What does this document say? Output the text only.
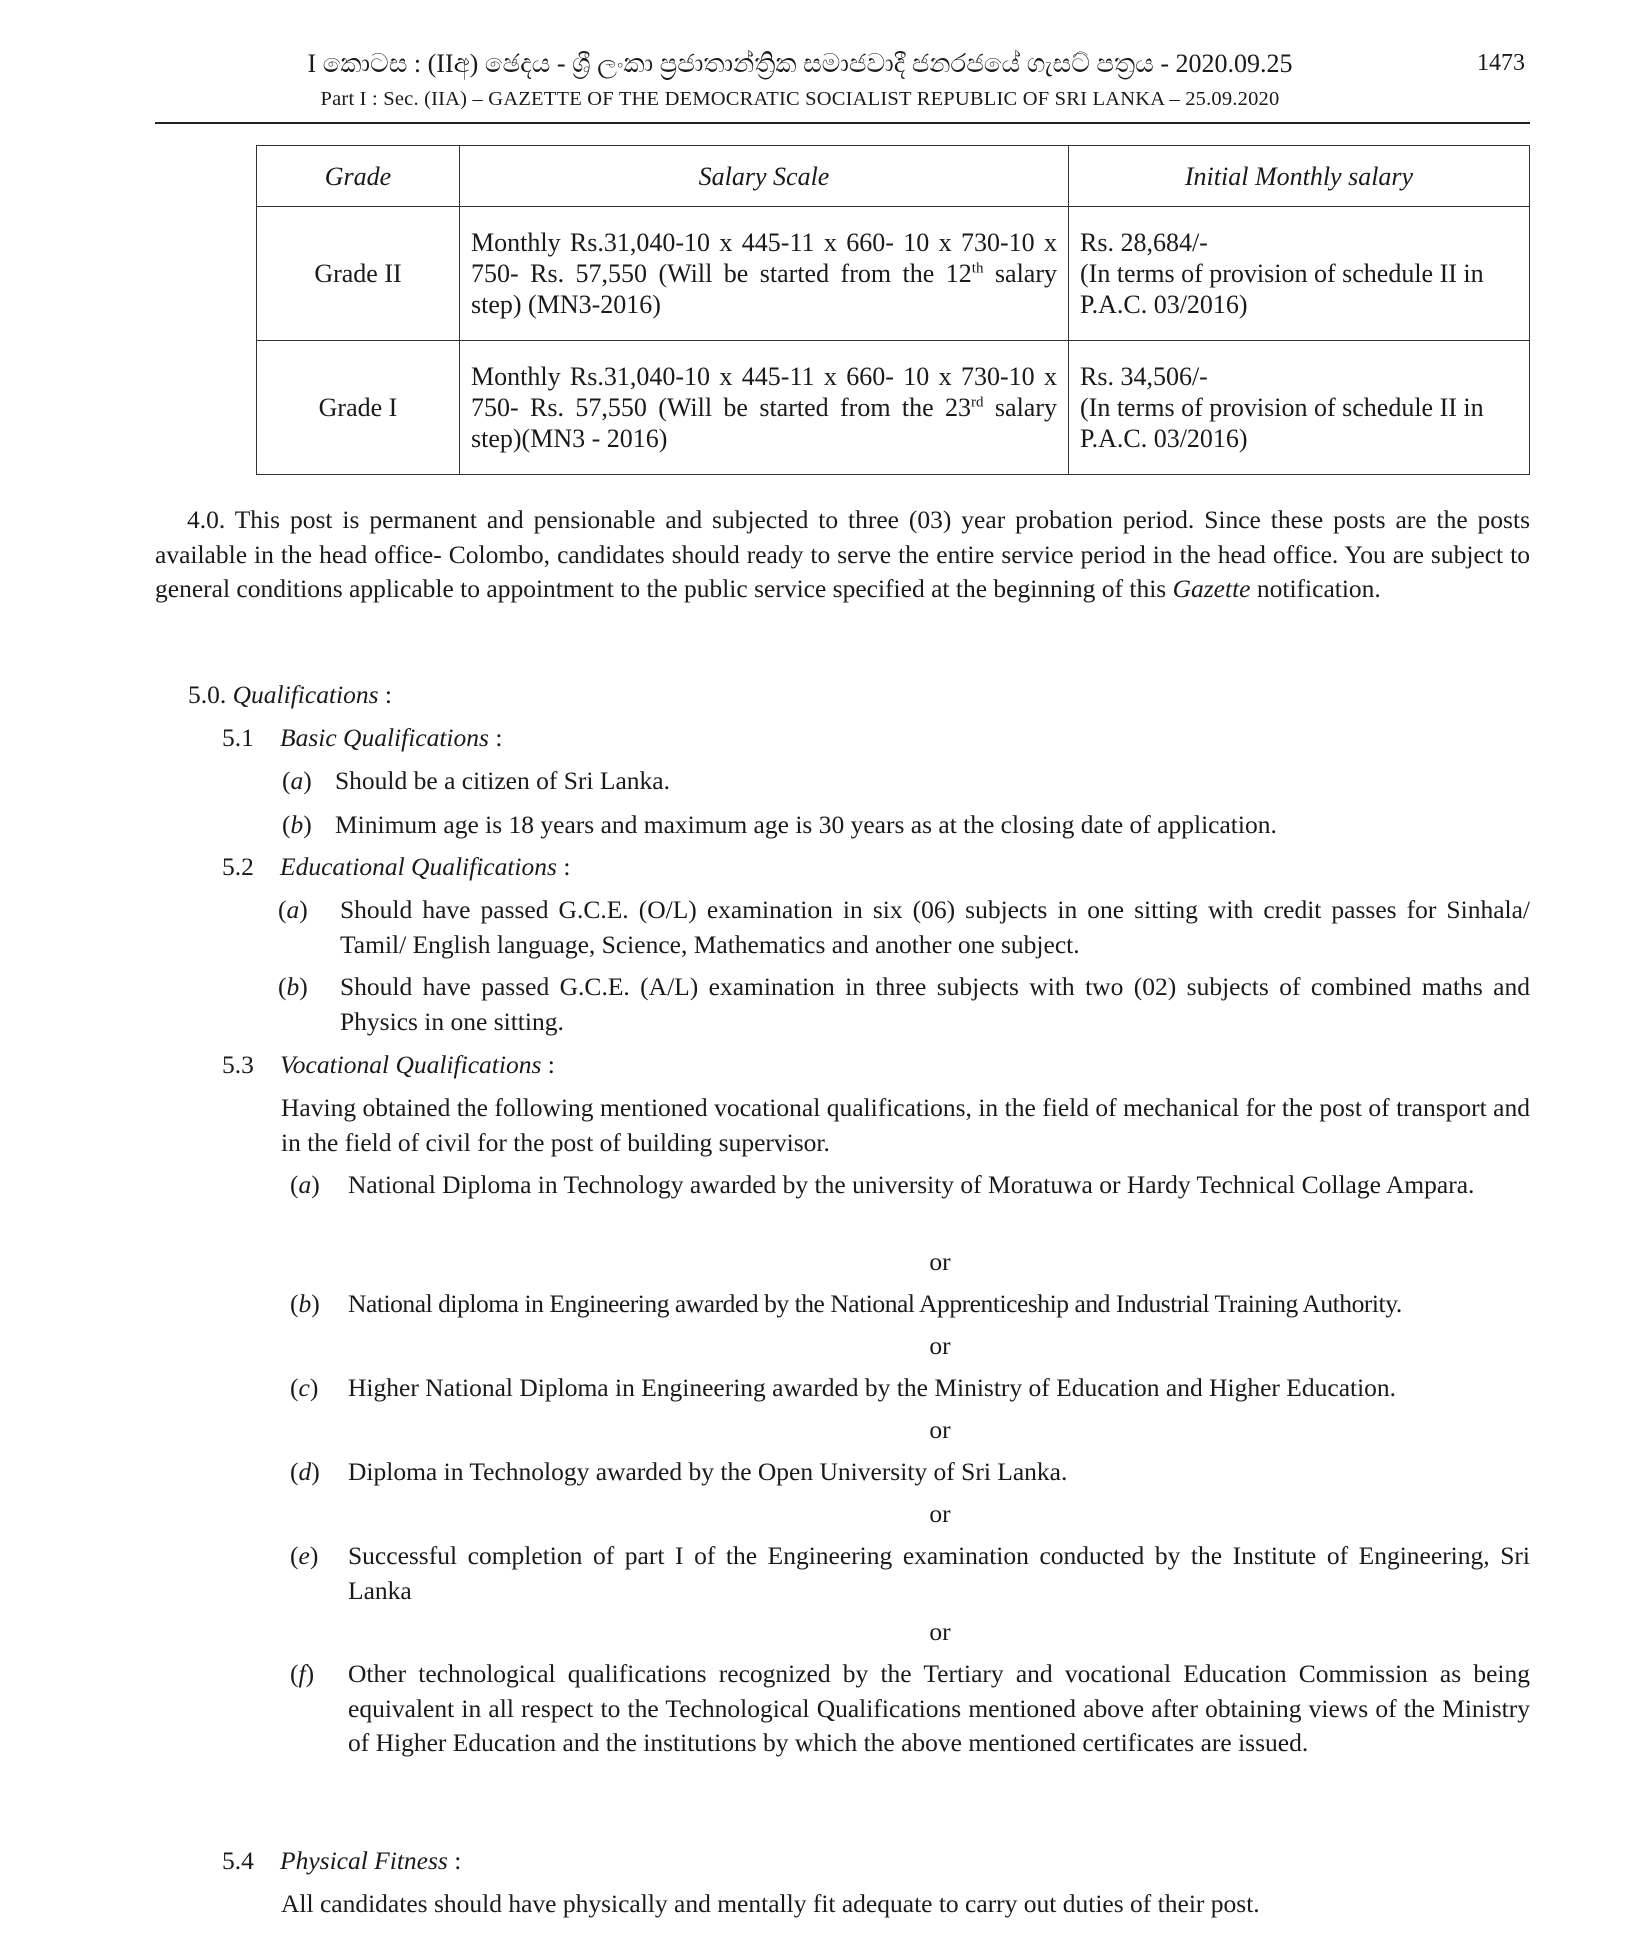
I කොටස : (IIඅ) ඡෙදය - ශ්‍රී ලංකා ප්‍රජාතාන්ත්‍රික සමාජවාදී ජනරජයේ ගැසට් පත්‍රය - 2020.09.25
Part I : Sec. (IIA) – GAZETTE OF THE DEMOCRATIC SOCIALIST REPUBLIC OF SRI LANKA – 25.09.2020
1473
Grade	Salary Scale	Initial Monthly salary
Grade II	Monthly Rs.31,040-10 x 445-11 x 660- 10 x 730-10 x 750- Rs. 57,550 (Will be started from the 12th salary step) (MN3-2016)	Rs. 28,684/-
(In terms of provision of schedule II in P.A.C. 03/2016)

Grade I	Monthly Rs.31,040-10 x 445-11 x 660- 10 x 730-10 x 750- Rs. 57,550 (Will be started from the 23rd salary step)(MN3 - 2016)	Rs. 34,506/-
(In terms of provision of schedule II in P.A.C. 03/2016)
4.0. This post is permanent and pensionable and subjected to three (03) year probation period. Since these posts are the posts available in the head office- Colombo, candidates should ready to serve the entire service period in the head office. You are subject to general conditions applicable to appointment to the public service specified at the beginning of this Gazette notification.
5.0. Qualifications :
5.1 Basic Qualifications :
(a) Should be a citizen of Sri Lanka.
(b) Minimum age is 18 years and maximum age is 30 years as at the closing date of application.
5.2 Educational Qualifications :
(a)	Should have passed G.C.E. (O/L) examination in six (06) subjects in one sitting with credit passes for Sinhala/ Tamil/ English language, Science, Mathematics and another one subject.
(b)	Should have passed G.C.E. (A/L) examination in three subjects with two (02) subjects of combined maths and Physics in one sitting.
5.3 Vocational Qualifications :
Having obtained the following mentioned vocational qualifications, in the field of mechanical for the post of transport and in the field of civil for the post of building supervisor.
(a)	National Diploma in Technology awarded by the university of Moratuwa or Hardy Technical Collage Ampara.
or
(b)	National diploma in Engineering awarded by the National Apprenticeship and Industrial Training Authority.
or
(c)	Higher National Diploma in Engineering awarded by the Ministry of Education and Higher Education.
or
(d)	Diploma in Technology awarded by the Open University of Sri Lanka.
or
(e)	Successful completion of part I of the Engineering examination conducted by the Institute of Engineering, Sri Lanka
or
(f)	Other technological qualifications recognized by the Tertiary and vocational Education Commission as being equivalent in all respect to the Technological Qualifications mentioned above after obtaining views of the Ministry of Higher Education and the institutions by which the above mentioned certificates are issued.
5.4 Physical Fitness :
All candidates should have physically and mentally fit adequate to carry out duties of their post.
